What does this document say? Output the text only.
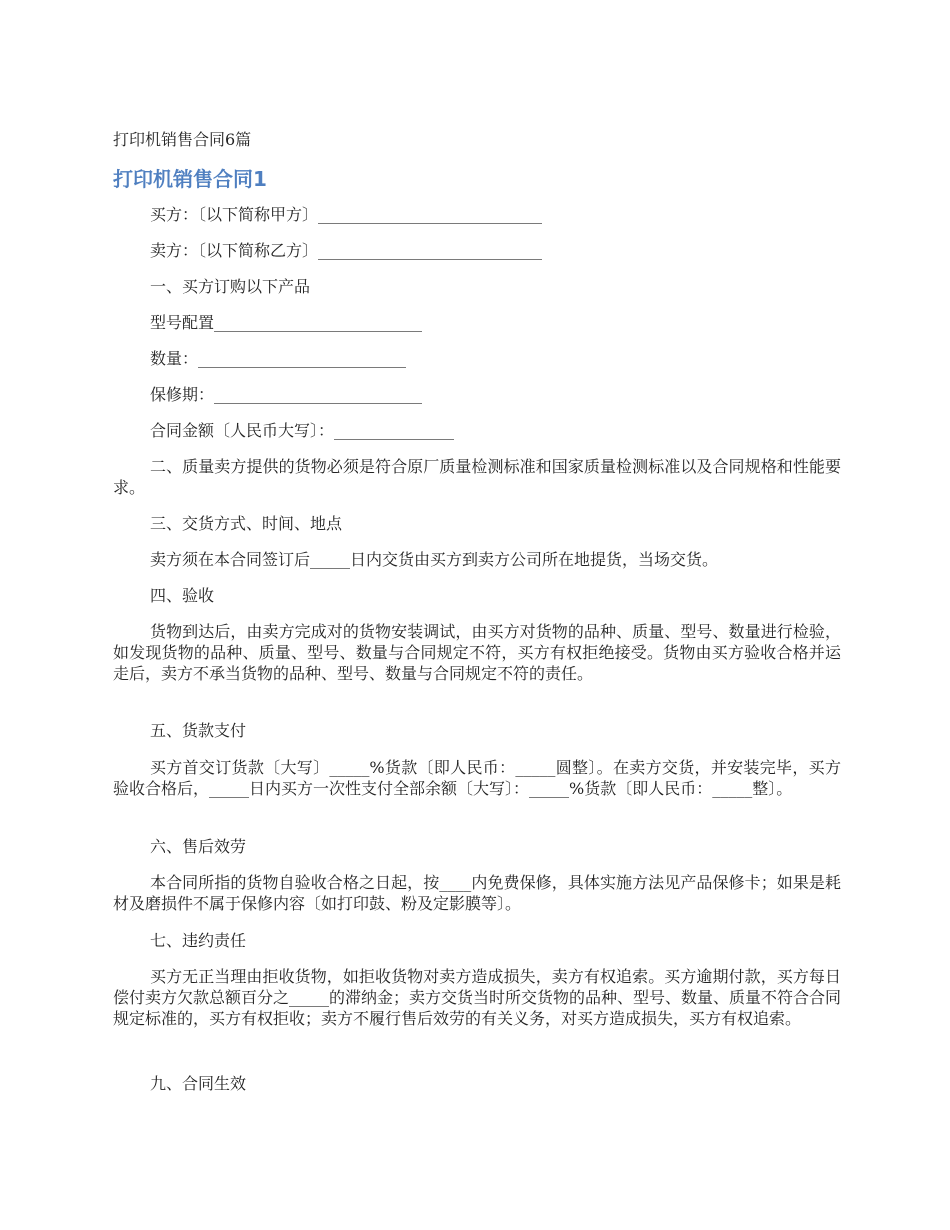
打印机销售合同6篇
打印机销售合同1

买方：〔以下简称甲方〕____________________________

卖方：〔以下简称乙方〕____________________________

一、买方订购以下产品

型号配置__________________________

数量：__________________________

保修期：__________________________

合同金额〔人民币大写〕：_______________

二、质量卖方提供的货物必须是符合原厂质量检测标准和国家质量检测标准以及合同规格和性能要求。

三、交货方式、时间、地点

卖方须在本合同签订后_____日内交货由买方到卖方公司所在地提货，当场交货。

四、验收

货物到达后，由卖方完成对的货物安装调试，由买方对货物的品种、质量、型号、数量进行检验，如发现货物的品种、质量、型号、数量与合同规定不符，买方有权拒绝接受。货物由买方验收合格并运走后，卖方不承当货物的品种、型号、数量与合同规定不符的责任。

五、货款支付

买方首交订货款〔大写〕_____%货款〔即人民币：_____圆整〕。在卖方交货，并安装完毕，买方验收合格后，_____日内买方一次性支付全部余额〔大写〕：_____%货款〔即人民币：_____整〕。

六、售后效劳

本合同所指的货物自验收合格之日起，按____内免费保修，具体实施方法见产品保修卡；如果是耗材及磨损件不属于保修内容〔如打印鼓、粉及定影膜等〕。

七、违约责任

买方无正当理由拒收货物，如拒收货物对卖方造成损失，卖方有权追索。买方逾期付款，买方每日偿付卖方欠款总额百分之_____的滞纳金；卖方交货当时所交货物的品种、型号、数量、质量不符合合同规定标准的，买方有权拒收；卖方不履行售后效劳的有关义务，对买方造成损失，买方有权追索。

九、合同生效
